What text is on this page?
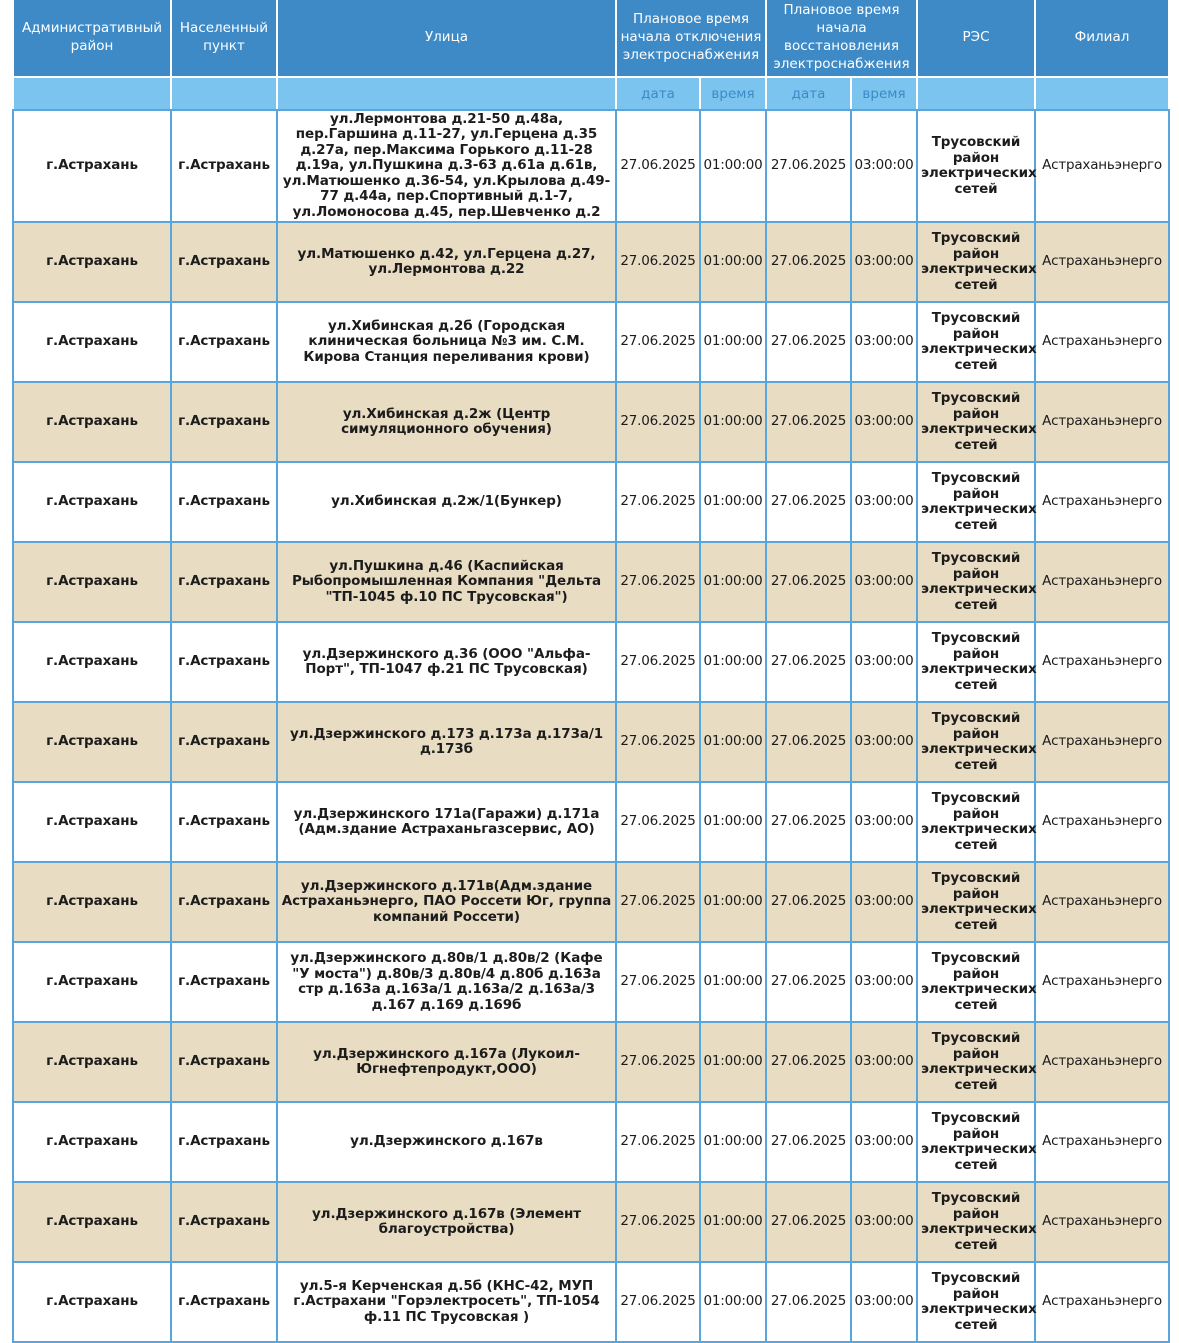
Административный район	Населенный пункт	Улица	Плановое время начала отключения электроснабжения		Плановое время начала восстановления электроснабжения		РЭС	Филиал
			дата	время	дата	время		
г.Астрахань	г.Астрахань	ул.Лермонтова д.21-50 д.48а, пер.Гаршина д.11-27, ул.Герцена д.35 д.27а, пер.Максима Горького д.11-28 д.19а, ул.Пушкина д.3-63 д.61а д.61в, ул.Матюшенко д.36-54, ул.Крылова д.49-77 д.44а, пер.Спортивный д.1-7, ул.Ломоносова д.45, пер.Шевченко д.2	27.06.2025	01:00:00	27.06.2025	03:00:00	Трусовский район электрических сетей	Астраханьэнерго
г.Астрахань	г.Астрахань	ул.Матюшенко д.42, ул.Герцена д.27, ул.Лермонтова д.22	27.06.2025	01:00:00	27.06.2025	03:00:00	Трусовский район электрических сетей	Астраханьэнерго
г.Астрахань	г.Астрахань	ул.Хибинская д.2б (Городская клиническая больница №3 им. С.М. Кирова Станция переливания крови)	27.06.2025	01:00:00	27.06.2025	03:00:00	Трусовский район электрических сетей	Астраханьэнерго
г.Астрахань	г.Астрахань	ул.Хибинская д.2ж (Центр симуляционного обучения)	27.06.2025	01:00:00	27.06.2025	03:00:00	Трусовский район электрических сетей	Астраханьэнерго
г.Астрахань	г.Астрахань	ул.Хибинская д.2ж/1(Бункер)	27.06.2025	01:00:00	27.06.2025	03:00:00	Трусовский район электрических сетей	Астраханьэнерго
г.Астрахань	г.Астрахань	ул.Пушкина д.46 (Каспийская Рыбопромышленная Компания "Дельта "ТП-1045 ф.10 ПС Трусовская")	27.06.2025	01:00:00	27.06.2025	03:00:00	Трусовский район электрических сетей	Астраханьэнерго
г.Астрахань	г.Астрахань	ул.Дзержинского д.36 (ООО "Альфа-Порт", ТП-1047 ф.21 ПС Трусовская)	27.06.2025	01:00:00	27.06.2025	03:00:00	Трусовский район электрических сетей	Астраханьэнерго
г.Астрахань	г.Астрахань	ул.Дзержинского д.173 д.173а д.173а/1 д.173б	27.06.2025	01:00:00	27.06.2025	03:00:00	Трусовский район электрических сетей	Астраханьэнерго
г.Астрахань	г.Астрахань	ул.Дзержинского 171а(Гаражи) д.171а (Адм.здание Астраханьгазсервис, АО)	27.06.2025	01:00:00	27.06.2025	03:00:00	Трусовский район электрических сетей	Астраханьэнерго
г.Астрахань	г.Астрахань	ул.Дзержинского д.171в(Адм.здание Астраханьэнерго, ПАО Россети Юг, группа компаний Россети)	27.06.2025	01:00:00	27.06.2025	03:00:00	Трусовский район электрических сетей	Астраханьэнерго
г.Астрахань	г.Астрахань	ул.Дзержинского д.80в/1 д.80в/2 (Кафе "У моста") д.80в/3 д.80в/4 д.80б д.163а стр д.163а д.163а/1 д.163а/2 д.163а/3 д.167 д.169 д.169б	27.06.2025	01:00:00	27.06.2025	03:00:00	Трусовский район электрических сетей	Астраханьэнерго
г.Астрахань	г.Астрахань	ул.Дзержинского д.167а (Лукоил-Югнефтепродукт,ООО)	27.06.2025	01:00:00	27.06.2025	03:00:00	Трусовский район электрических сетей	Астраханьэнерго
г.Астрахань	г.Астрахань	ул.Дзержинского д.167в	27.06.2025	01:00:00	27.06.2025	03:00:00	Трусовский район электрических сетей	Астраханьэнерго
г.Астрахань	г.Астрахань	ул.Дзержинского д.167в (Элемент благоустройства)	27.06.2025	01:00:00	27.06.2025	03:00:00	Трусовский район электрических сетей	Астраханьэнерго
г.Астрахань	г.Астрахань	ул.5-я Керченская д.5б (КНС-42, МУП г.Астрахани "Горэлектросеть", ТП-1054 ф.11 ПС Трусовская )	27.06.2025	01:00:00	27.06.2025	03:00:00	Трусовский район электрических сетей	Астраханьэнерго
